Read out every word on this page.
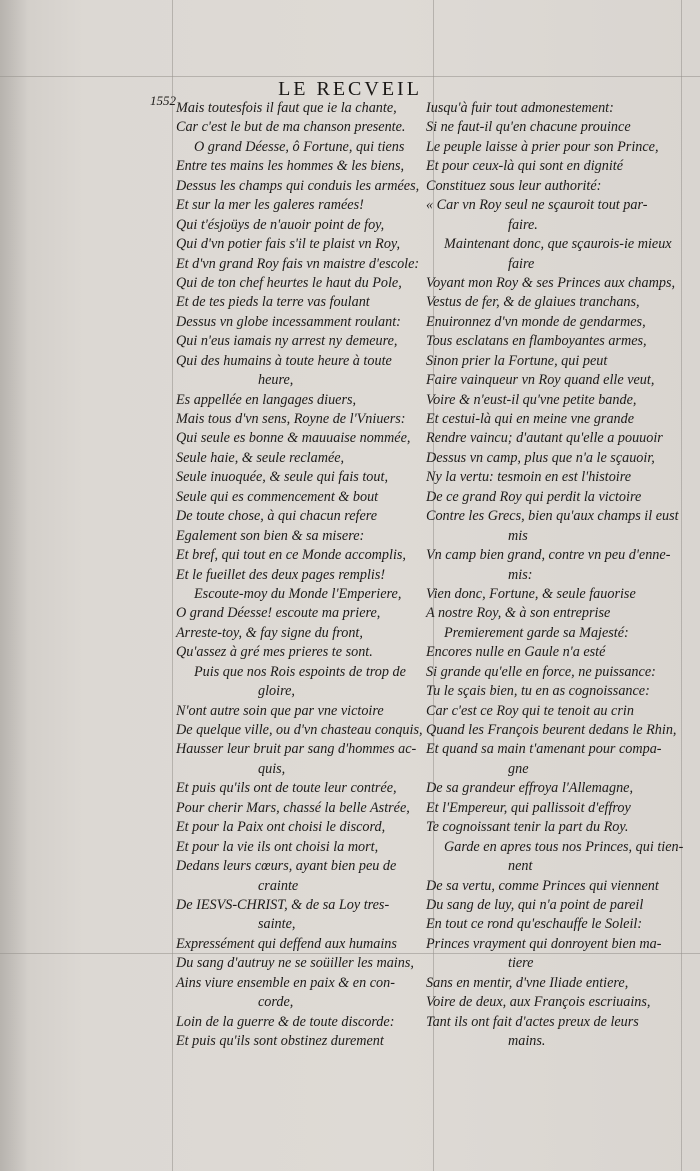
LE RECVEIL
1552 Mais toutesfois il faut que ie la chante,
Car c'est le but de ma chanson presente.
O grand Déesse, ô Fortune, qui tiens
Entre tes mains les hommes & les biens,
Dessus les champs qui conduis les armées,
Et sur la mer les galeres ramées!
Qui t'ésjoüys de n'auoir point de foy,
Qui d'vn potier fais s'il te plaist vn Roy,
Et d'vn grand Roy fais vn maistre d'escole:
Qui de ton chef heurtes le haut du Pole,
Et de tes pieds la terre vas foulant
Dessus vn globe incessamment roulant:
Qui n'eus iamais ny arrest ny demeure,
Qui des humains à toute heure à toute
heure,
Es appellée en langages diuers,
Mais tous d'vn sens, Royne de l'Vniuers:
Qui seule es bonne & mauuaise nommée,
Seule haie, & seule reclamée,
Seule inuoquée, & seule qui fais tout,
Seule qui es commencement & bout
De toute chose, à qui chacun refere
Egalement son bien & sa misere:
Et bref, qui tout en ce Monde accomplis,
Et le fueillet des deux pages remplis!
Escoute-moy du Monde l'Emperiere,
O grand Déesse! escoute ma priere,
Arreste-toy, & fay signe du front,
Qu'assez à gré mes prieres te sont.
Puis que nos Rois espoints de trop de
gloire,
N'ont autre soin que par vne victoire
De quelque ville, ou d'vn chasteau conquis,
Hausser leur bruit par sang d'hommes ac-
quis,
Et puis qu'ils ont de toute leur contrée,
Pour cherir Mars, chassé la belle Astrée,
Et pour la Paix ont choisi le discord,
Et pour la vie ils ont choisi la mort,
Dedans leurs cœurs, ayant bien peu de
crainte
De IESVS-CHRIST, & de sa Loy tres-
sainte,
Expressément qui deffend aux humains
Du sang d'autruy ne se soüiller les mains,
Ains viure ensemble en paix & en con-
corde,
Loin de la guerre & de toute discorde:
Et puis qu'ils sont obstinez durement
Iusqu'à fuir tout admonestement:
Si ne faut-il qu'en chacune prouince
Le peuple laisse à prier pour son Prince,
Et pour ceux-là qui sont en dignité
Constituez sous leur authorité:
« Car vn Roy seul ne sçauroit tout par-
faire.
Maintenant donc, que sçaurois-ie mieux
faire
Voyant mon Roy & ses Princes aux champs,
Vestus de fer, & de glaiues tranchans,
Enuironnez d'vn monde de gendarmes,
Tous esclatans en flamboyantes armes,
Sinon prier la Fortune, qui peut
Faire vainqueur vn Roy quand elle veut,
Voire & n'eust-il qu'vne petite bande,
Et cestui-là qui en meine vne grande
Rendre vaincu; d'autant qu'elle a pouuoir
Dessus vn camp, plus que n'a le sçauoir,
Ny la vertu: tesmoin en est l'histoire
De ce grand Roy qui perdit la victoire
Contre les Grecs, bien qu'aux champs il eust
mis
Vn camp bien grand, contre vn peu d'enne-
mis:
Vien donc, Fortune, & seule fauorise
A nostre Roy, & à son entreprise
Premierement garde sa Majesté:
Encores nulle en Gaule n'a esté
Si grande qu'elle en force, ne puissance:
Tu le sçais bien, tu en as cognoissance:
Car c'est ce Roy qui te tenoit au crin
Quand les François beurent dedans le Rhin,
Et quand sa main t'amenant pour compa-
gne
De sa grandeur effroya l'Allemagne,
Et l'Empereur, qui pallissoit d'effroy
Te cognoissant tenir la part du Roy.
Garde en apres tous nos Princes, qui tien-
nent
De sa vertu, comme Princes qui viennent
Du sang de luy, qui n'a point de pareil
En tout ce rond qu'eschauffe le Soleil:
Princes vrayment qui donroyent bien ma-
tiere
Sans en mentir, d'vne Iliade entiere,
Voire de deux, aux François escriuains,
Tant ils ont fait d'actes preux de leurs
mains.
